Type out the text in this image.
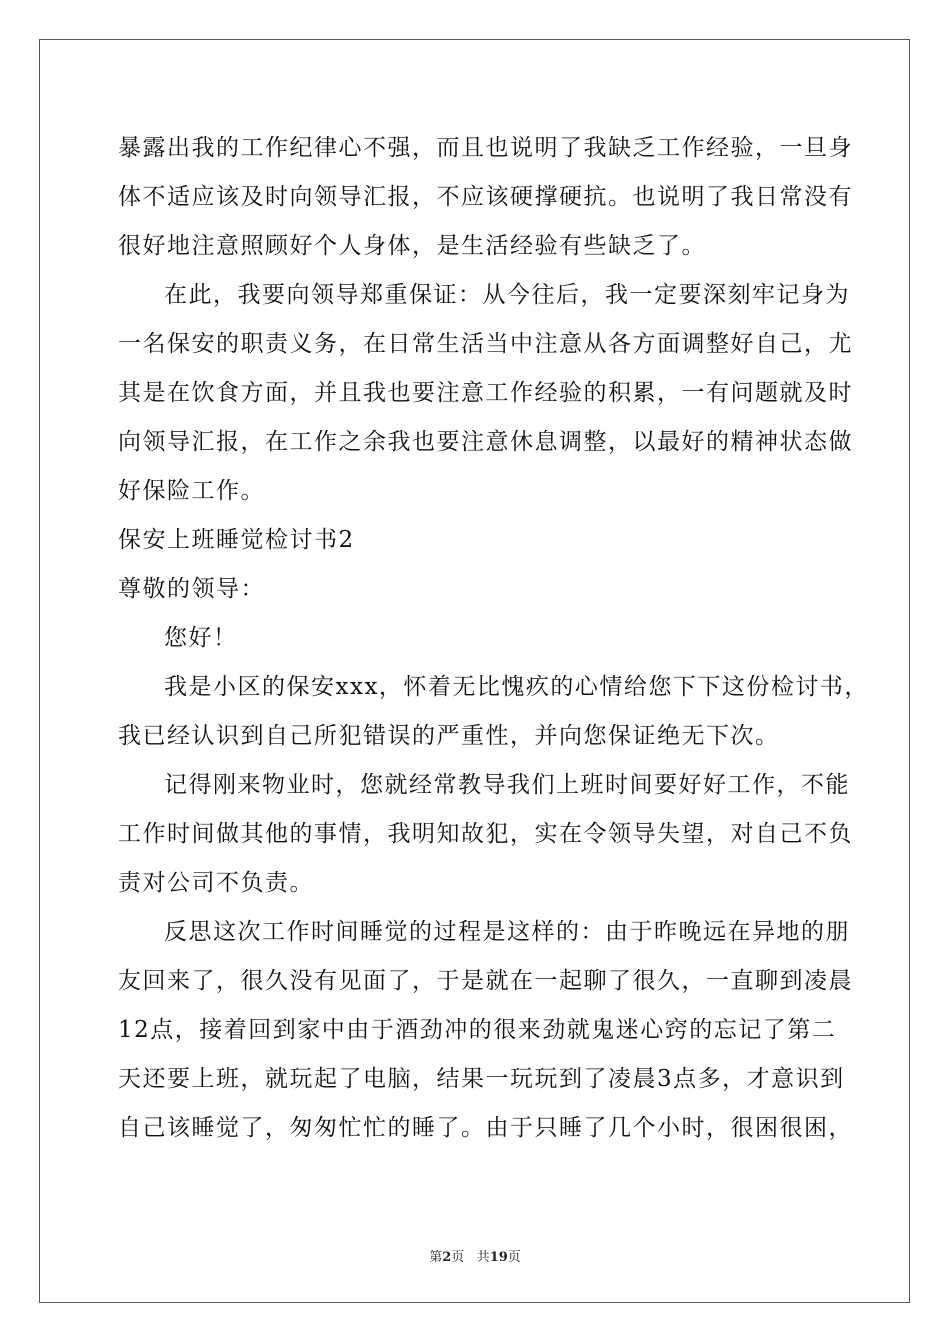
暴露出我的工作纪律心不强，而且也说明了我缺乏工作经验，一旦身
体不适应该及时向领导汇报，不应该硬撑硬抗。也说明了我日常没有
很好地注意照顾好个人身体，是生活经验有些缺乏了。
在此，我要向领导郑重保证：从今往后，我一定要深刻牢记身为
一名保安的职责义务，在日常生活当中注意从各方面调整好自己，尤
其是在饮食方面，并且我也要注意工作经验的积累，一有问题就及时
向领导汇报，在工作之余我也要注意休息调整，以最好的精神状态做
好保险工作。
保安上班睡觉检讨书2
尊敬的领导：
您好！
我是小区的保安xxx，怀着无比愧疚的心情给您下下这份检讨书，
我已经认识到自己所犯错误的严重性，并向您保证绝无下次。
记得刚来物业时，您就经常教导我们上班时间要好好工作，不能
工作时间做其他的事情，我明知故犯，实在令领导失望，对自己不负
责对公司不负责。
反思这次工作时间睡觉的过程是这样的：由于昨晚远在异地的朋
友回来了，很久没有见面了，于是就在一起聊了很久，一直聊到凌晨
12点，接着回到家中由于酒劲冲的很来劲就鬼迷心窍的忘记了第二
天还要上班，就玩起了电脑，结果一玩玩到了凌晨3点多，才意识到
自己该睡觉了，匆匆忙忙的睡了。由于只睡了几个小时，很困很困，
第2页 共19页
